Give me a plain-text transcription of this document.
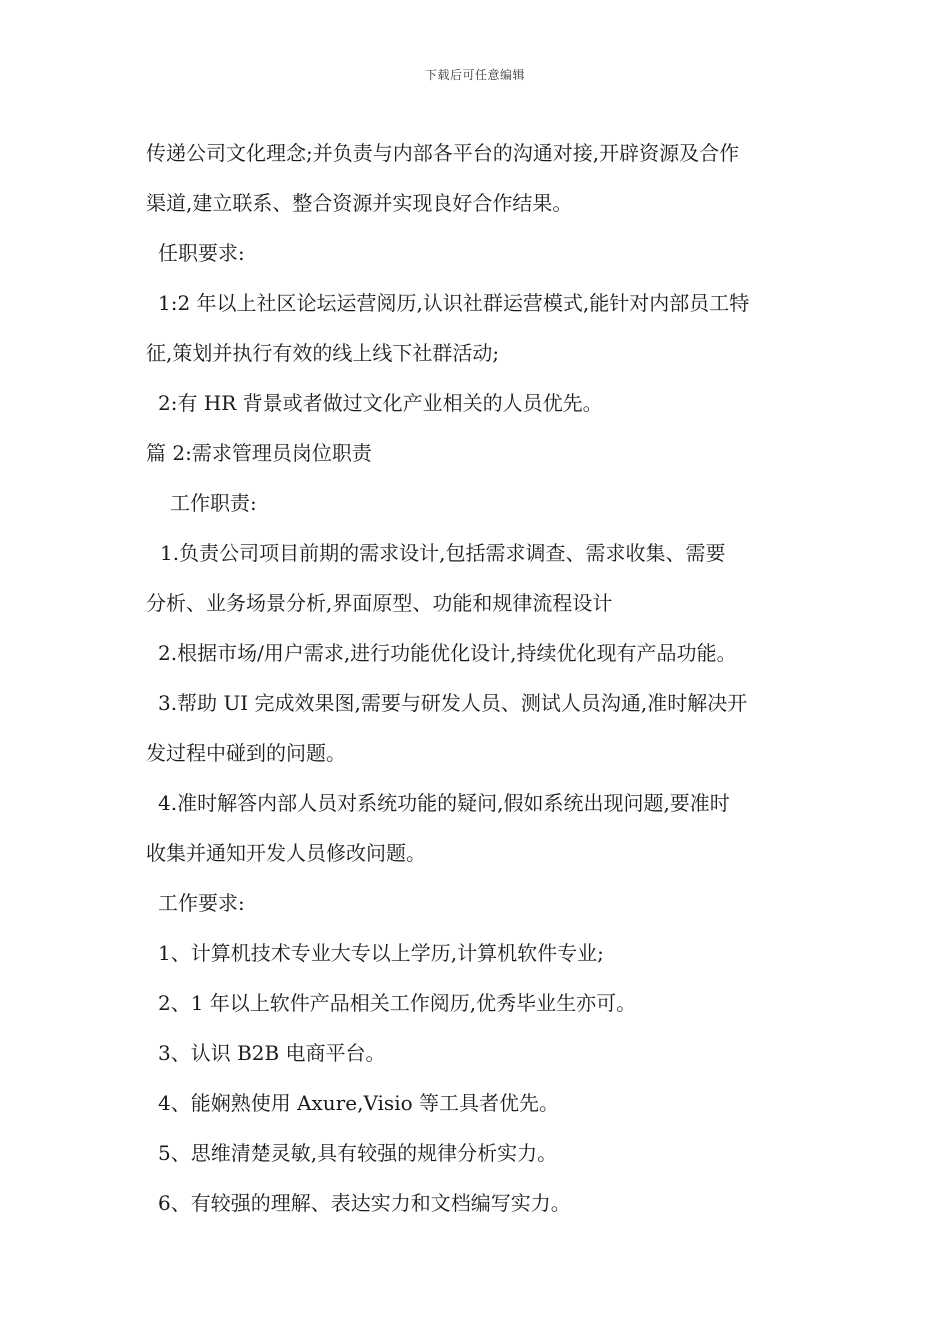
下载后可任意编辑
传递公司文化理念;并负责与内部各平台的沟通对接,开辟资源及合作
渠道,建立联系、整合资源并实现良好合作结果。
任职要求:
1:2 年以上社区论坛运营阅历,认识社群运营模式,能针对内部员工特
征,策划并执行有效的线上线下社群活动;
2:有 HR 背景或者做过文化产业相关的人员优先。
篇 2:需求管理员岗位职责
工作职责:
1.负责公司项目前期的需求设计,包括需求调查、需求收集、需要
分析、业务场景分析,界面原型、功能和规律流程设计
2.根据市场/用户需求,进行功能优化设计,持续优化现有产品功能。
3.帮助 UI 完成效果图,需要与研发人员、测试人员沟通,准时解决开
发过程中碰到的问题。
4.准时解答内部人员对系统功能的疑问,假如系统出现问题,要准时
收集并通知开发人员修改问题。
工作要求:
1、计算机技术专业大专以上学历,计算机软件专业;
2、1 年以上软件产品相关工作阅历,优秀毕业生亦可。
3、认识 B2B 电商平台。
4、能娴熟使用 Axure,Visio 等工具者优先。
5、思维清楚灵敏,具有较强的规律分析实力。
6、有较强的理解、表达实力和文档编写实力。
